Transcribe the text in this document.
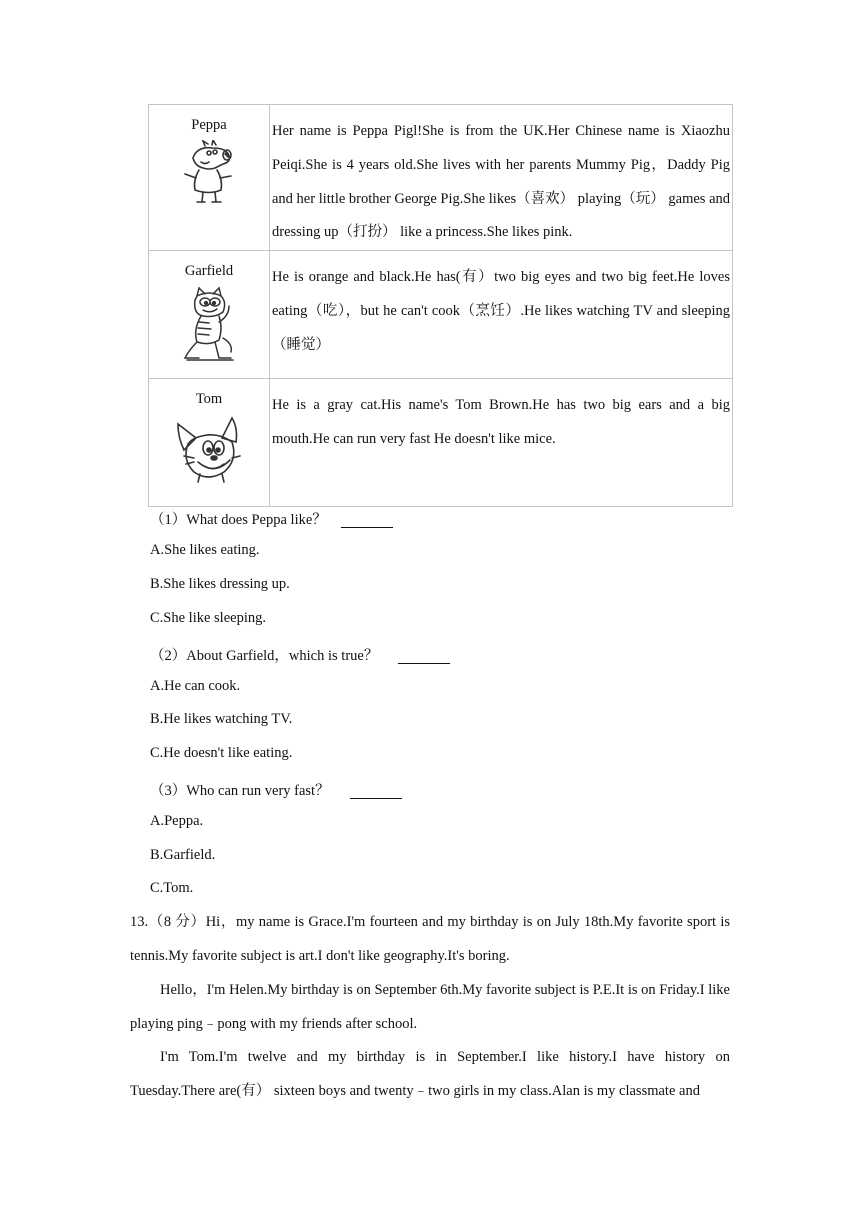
Peppa	Her name is Peppa Pigl!She is from the UK.Her Chinese name is Xiaozhu Peiqi.She is 4 years old.She lives with her parents Mummy Pig，Daddy Pig and her little brother George Pig.She likes（喜欢） playing（玩） games and dressing up（打扮） like a princess.She likes pink.

Garfield	He is orange and black.He has(有）two big eyes and two big feet.He loves eating（吃），but he can't cook（烹饪）.He likes watching TV and sleeping（睡觉）

Tom	He is a gray cat.His name's Tom Brown.He has two big ears and a big mouth.He can run very fast He doesn't like mice.
（1）What does Peppa like？
A.She likes eating.
B.She likes dressing up.
C.She like sleeping.
（2）About Garfield，which is true？
A.He can cook.
B.He likes watching TV.
C.He doesn't like eating.
（3）Who can run very fast？
A.Peppa.
B.Garfield.
C.Tom.
13.（8 分）Hi，my name is Grace.I'm fourteen and my birthday is on July 18th.My favorite sport is tennis.My favorite subject is art.I don't like geography.It's boring.
Hello，I'm Helen.My birthday is on September 6th.My favorite subject is P.E.It is on Friday.I like playing ping﹣pong with my friends after school.
I'm Tom.I'm twelve and my birthday is in September.I like history.I have history on Tuesday.There are(有） sixteen boys and twenty﹣two girls in my class.Alan is my classmate and
